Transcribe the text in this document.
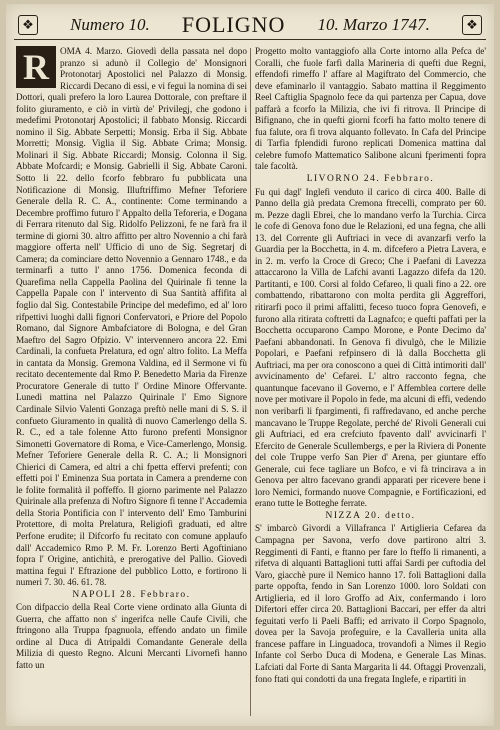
❖ Numero 10. FOLIGNO 10. Marzo 1747.	❖
R	OMA 4. Marzo. Giovedì della passata nel dopo pranzo si adunò il Collegio de' Monsignori Protonotarj Apostolici nel Palazzo di Monsig. Riccardi Decano di essi, e vi fegui la nomina di sei Dottori, quali prefero la loro Laurea Dottorale, con preftare il folito giuramento, e ciò in virtù de' Privilegj, che godono i medefimi Protonotarj Apostolici; il fabbato Monsig. Riccardi nomino il Sig. Abbate Serpetti; Monsig. Erba il Sig. Abbate Morretti; Monsig. Viglia il Sig. Abbate Crima; Monsig. Molinari il Sig. Abbate Riccardi; Monsig. Colonna il Sig. Abbate Mofcardi; e Monsig. Gabrielli il Sig. Abbate Caroni. Sotto li 22. dello fcorfo febbraro fu pubblicata una Notificazione di Monsig. Illuftriffimo Mefner Teforiere Generale della R. C. A., continente: Come terminando a Decembre proffimo futuro l' Appalto della Teforeria, e Dogana di Ferrara ritenuto dal Sig. Ridolfo Pelizzoni, fe ne farà fra il termine di giorni 30. altro affitto per altro Novennio a chi farà maggiore offerta nell' Ufficio di uno de Sig. Segretarj di Camera; da cominciare detto Novennio a Gennaro 1748., e da terminarfi a tutto l' anno 1756. Domenica feconda di Quarefima nella Cappella Paolina del Quirinale fi tenne la Cappella Papale con l' intervento di Sua Santità affifita al foglio dal Sig. Contestabile Principe del medefimo, ed al' loro rifpettivi luoghi dalli fignori Confervatori, e Priore del Popolo Romano, dal Signore Ambafciatore di Bologna, e del Gran Maeftro del Sagro Ofpizio. V' intervennero ancora 22. Emi Cardinali, la confueta Prelatura, ed ogn' altro folito. La Meffa in cantata da Monsig. Gremona Valdina, ed il Sermone vi fù recitato decentemente dal Rmo P. Benedetto Maria da Firenze Procuratore Generale di tutto l' Ordine Minore Offervante. Lunedì mattina nel Palazzo Quirinale l' Emo Signore Cardinale Silvio Valenti Gonzaga preftò nelle mani di S. S. il confueto Giuramento in qualità di nuovo Camerlengo della S. R. C., ed a tale folenne Atto furono prefenti Monsignor Simonetti Governatore di Roma, e Vice-Camerlengo, Monsig. Mefner Teforiere Generale della R. C. A.; li Monsignori Chierici di Camera, ed altri a chi fpetta effervi prefenti; con effetti poi l' Eminenza Sua portata in Camera a prenderne con le folite formalità il poffeffo. Il giorno parimente nel Palazzo Quirinale alla prefenza di Noftro Signore fi tenne l' Accademia della Storia Pontificia con l' intervento dell' Emo Tamburini Protettore, di molta Prelatura, Religiofi graduati, ed altre Perfone erudite; il Difcorfo fu recitato con comune applaufo dall' Accademico Rmo P. M. Fr. Lorenzo Berti Agoftiniano fopra l' Origine, antichità, e prerogative del Pallio. Giovedì mattina fegui l' Eftrazione del pubblico Lotto, e fortirono li numeri 7. 30. 46. 61. 78.

NAPOLI 28. Febbraro.

Con difpaccio della Real Corte viene ordinato alla Giunta di Guerra, che affatto non s' ingerifca nelle Caufe Civili, che ftringono alla Truppa fpagnuola, effendo andato un fimile ordine al Duca di Atripaldi Comandante Generale della Milizia di questo Regno. Alcuni Mercanti Livornefi hanno fatto un

Progetto molto vantaggiofo alla Corte intorno alla Pefca de' Coralli, che fuole farfi dalla Marineria di quefti due Regni, effendofi rimeffo l' affare al Magiftrato del Commercio, che deve efaminarlo il vantaggio. Sabato mattina il Reggimento Reel Caftiglia Spagnolo fece da qui partenza per Capua, dove paffarà a fcorfo la Milizia, che ivi fi ritrova. Il Principe di Bifignano, che in quefti giorni fcorfi ha fatto molto tenere di fua falute, ora fi trova alquanto follevato. In Cafa del Principe di Tarfia fplendidi furono replicati Domenica mattina dal celebre fumofo Mattematico Salibone alcuni fperimenti fopra tale facoltà.

LIVORNO 24. Febbraro.

Fu qui dagl' Inglefi venduto il carico di circa 400. Balle di Panno della già predata Cremona ftrecelli, comprato per 60. m. Pezze dagli Ebrei, che lo mandano verfo la Turchia. Circa le cofe di Genova fono due le Relazioni, ed una fegna, che alli 13. del Corrente gli Auftriaci in vece di avanzarfi verfo la Guardia per la Bocchetta, in 4. m. difcefero a Pietra Lavera, e in 2. m. verfo la Croce di Greco; Che i Paefani di Lavezza attaccarono la Villa de Lafchi avanti Lagazzo difefa da 120. Partitanti, e 100. Corsi al foldo Cefareo, li quali fino a 22. ore combattendo, ribattarono con molta perdita gli Aggreffori, ritirarfi poco il primi affalitti, feceso tuoco fopra Genovefi, e furono alla ritirata coftretti da Lagnafco; e quefti paffati per la Bocchetta occuparono Campo Morone, e Ponte Decimo da' Paefani abbandonati. In Genova fi divulgò, che le Milizie Popolari, e Paefani refpinsero di là dalla Bocchetta gli Auftriaci, ma per ora conoscono a quei di Città intimoriti dall' avvicinamento de' Cefarei. L' altro racconto fegna, che quantunque facevano il Governo, e l' Affemblea cortere delle nove per motivare il Popolo in fede, ma alcuni di effi, vedendo non veribarfi li fpargimenti, fi raffredavano, ed anche perche mancavano le Truppe Regolate, perché de' Rivoli Generali cui gli Auftriaci, ed era crefciuto fpavento dall' avvicinarfi l' Efercito de Generale Scullembergs, e per la Riviera di Ponente del cole Truppe verfo San Pier d' Arena, per giuntare effo Generale, cui fece tagliare un Bofco, e vi fà trincirava a in Genova per altro facevano grandi apparati per ricevere bene i loro Nemici, formando nuove Compagnie, e Fortificazioni, ed erano tutte le Botteghe ferrate.

NIZZA 20. detto.

S' imbarcò Givordi a Villafranca l' Artiglieria Cefarea da Campagna per Savona, verfo dove partirono altri 3. Reggimenti di Fanti, e ftanno per fare lo fteffo li rimanenti, a rifetva di alquanti Battaglioni tutti affai Sardi per cuftodia del Varo, giacchè pure il Nemico hanno 17. foli Battaglioni dalla parte oppofta, fendo in San Lorenzo 1000. loro Soldati con Artiglieria, ed il loro Groffo ad Aix, confermando i loro Difertori effer circa 20. Battaglioni Baccari, per effer da altri feguitati verfo li Paeli Baffi; ed arrivato il Corpo Spagnolo, dovea per la Savoja profeguire, e la Cavalleria unita alla francese paffare in Linguadoca, trovandofi a Nimes il Regio Infante col Serbo Duca di Modena, e Generale Las Minas. Lafciati dal Forte di Santa Margarita li 44. Oftaggi Provenzali, fono ftati qui condotti da una fregata Inglefe, e ripartiti in
